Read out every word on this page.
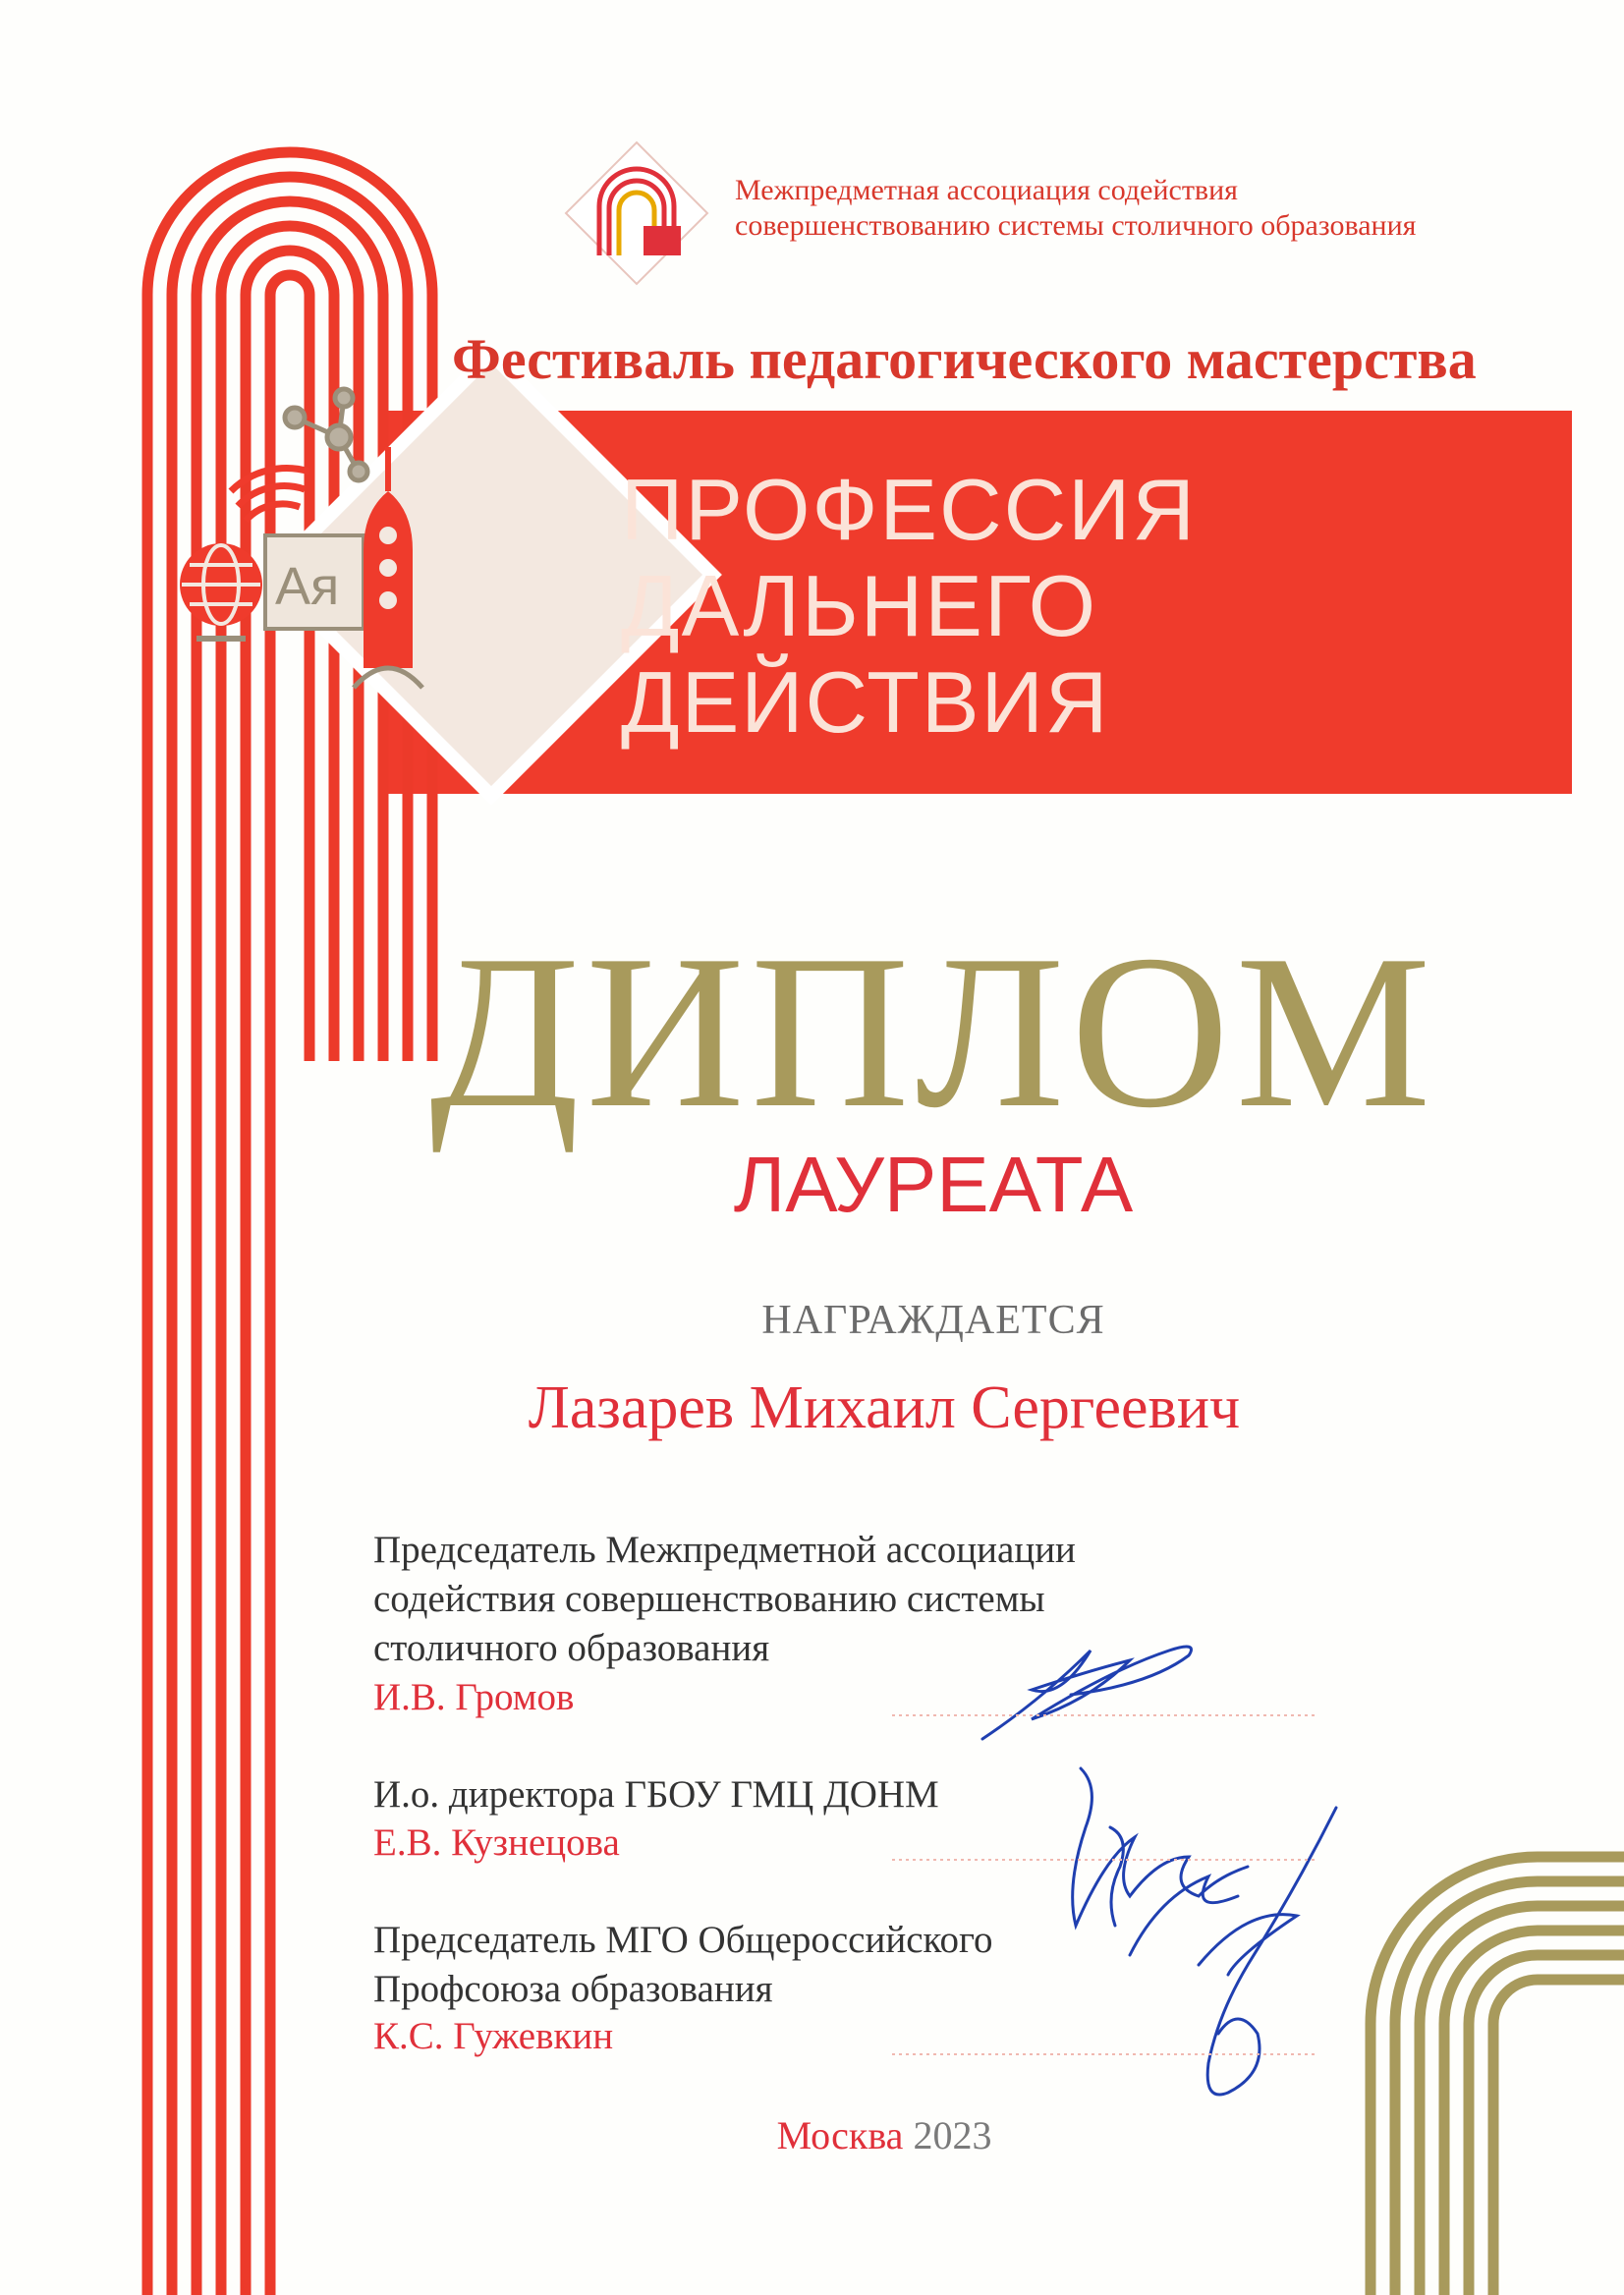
Ая
Межпредметная ассоциация содействия
совершенствованию системы столичного образования
Фестиваль педагогического мастерства
ПРОФЕССИЯ
ДАЛЬНЕГО
ДЕЙСТВИЯ
ДИПЛОМ
ЛАУРЕАТА
НАГРАЖДАЕТСЯ
Лазарев Михаил Сергеевич
Председатель Межпредметной ассоциации
содействия совершенствованию системы
столичного образования
И.В. Громов
И.о. директора ГБОУ ГМЦ ДОНМ
Е.В. Кузнецова
Председатель МГО Общероссийского
Профсоюза образования
К.С. Гужевкин
Москва 2023
